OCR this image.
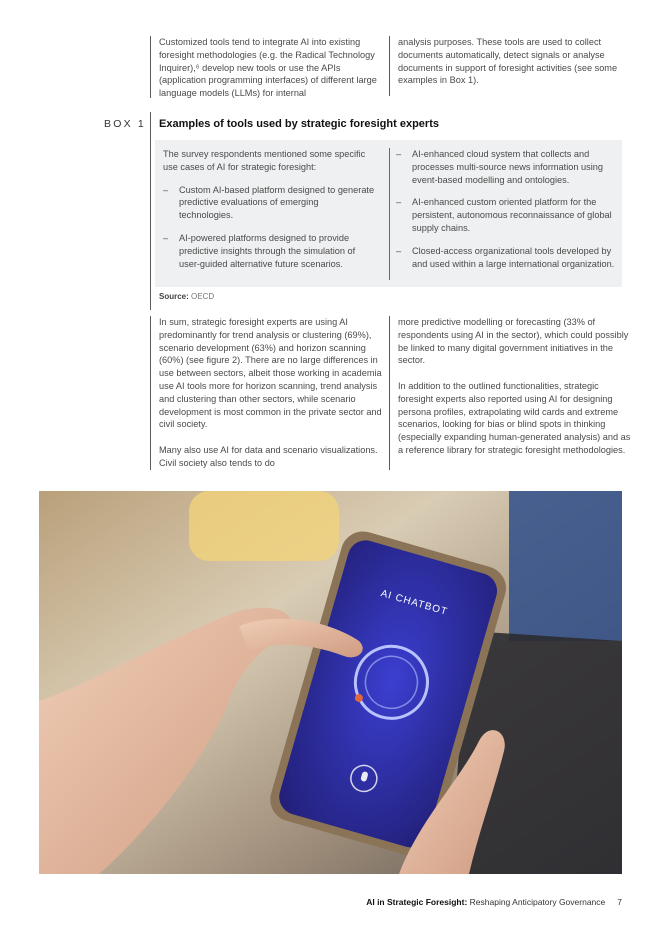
Customized tools tend to integrate AI into existing foresight methodologies (e.g. the Radical Technology Inquirer),⁶ develop new tools or use the APIs (application programming interfaces) of different large language models (LLMs) for internal
analysis purposes. These tools are used to collect documents automatically, detect signals or analyse documents in support of foresight activities (see some examples in Box 1).
BOX 1 Examples of tools used by strategic foresight experts

The survey respondents mentioned some specific use cases of AI for strategic foresight:

–	Custom AI-based platform designed to generate predictive evaluations of emerging technologies.
–	AI-powered platforms designed to provide predictive insights through the simulation of user-guided alternative future scenarios.
–	AI-enhanced cloud system that collects and processes multi-source news information using event-based modelling and ontologies.
–	AI-enhanced custom oriented platform for the persistent, autonomous reconnaissance of global supply chains.
–	Closed-access organizational tools developed by and used within a large international organization.
Source: OECD

In sum, strategic foresight experts are using AI predominantly for trend analysis or clustering (69%), scenario development (63%) and horizon scanning (60%) (see figure 2). There are no large differences in use between sectors, albeit those working in academia use AI tools more for horizon scanning, trend analysis and clustering than other sectors, while scenario development is most common in the private sector and civil society.

Many also use AI for data and scenario visualizations. Civil society also tends to do

more predictive modelling or forecasting (33% of respondents using AI in the sector), which could possibly be linked to many digital government initiatives in the sector.

In addition to the outlined functionalities, strategic foresight experts also reported using AI for designing persona profiles, extrapolating wild cards and extreme scenarios, looking for bias or blind spots in thinking (especially expanding human-generated analysis) and as a reference library for strategic foresight methodologies.

AI CHATBOT
AI in Strategic Foresight: Reshaping Anticipatory Governance 7
